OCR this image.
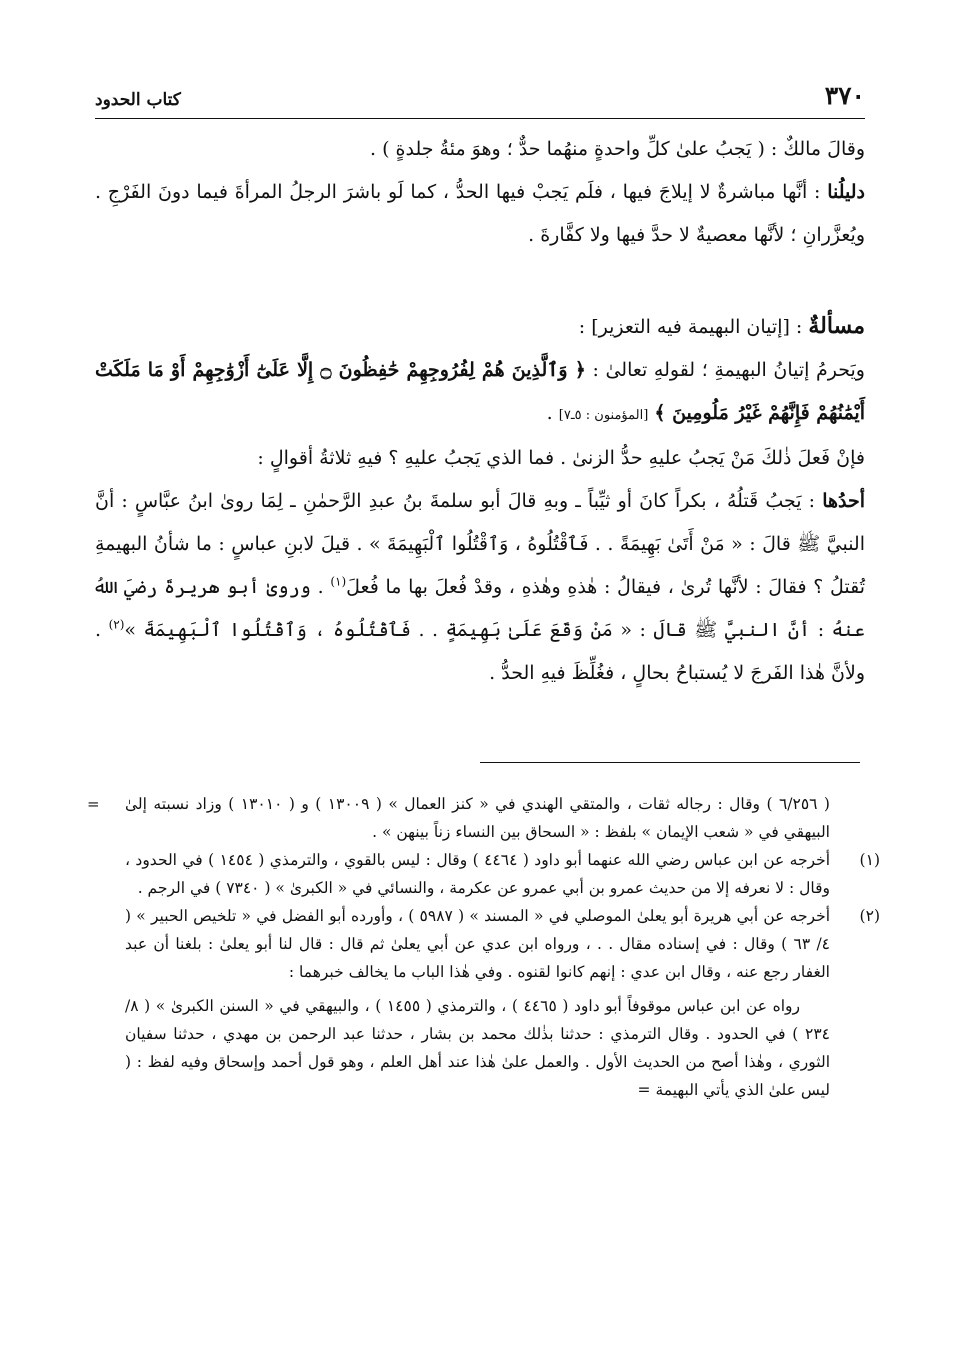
٣٧٠
كتاب الحدود

وقالَ مالكٌ : ( يَجبُ علىٰ كلِّ واحدةٍ منهُما حدٌّ ؛ وهوَ مئةُ جلدةٍ ) .

دليلُنا : أنَّها مباشرةٌ لا إيلاجَ فيها ، فلَم يَجبْ فيها الحدُّ ، كما لَو باشرَ الرجلُ المرأةَ فيما دونَ الفَرْجِ . ويُعزَّرانِ ؛ لأنَّها معصيةٌ لا حدَّ فيها ولا كفَّارةَ .

مسألةٌ : [إتيان البهيمة فيه التعزير] :

ويَحرمُ إتيانُ البهيمةِ ؛ لقولهِ تعالىٰ : ﴿ وَٱلَّذِينَ هُمْ لِفُرُوجِهِمْ حَٰفِظُونَ ۝ إِلَّا عَلَىٰٓ أَزْوَٰجِهِمْ أَوْ مَا مَلَكَتْ أَيْمَٰنُهُمْ فَإِنَّهُمْ غَيْرُ مَلُومِينَ ﴾ [المؤمنون : ٥ـ٧] .

فإنْ فَعلَ ذٰلكَ مَنْ يَجبُ عليهِ حدُّ الزنىٰ . فما الذي يَجبُ عليهِ ؟ فيهِ ثلاثةُ أقوالٍ :

أحدُها : يَجبُ قَتلُهُ ، بكراً كانَ أو ثيِّباً ـ وبهِ قالَ أبو سلمةَ بنُ عبدِ الرَّحمٰنِ ـ لِمَا روىٰ ابنُ عبَّاسٍ : أنَّ النبيَّ ﷺ قالَ : « مَنْ أَتَىٰ بَهِيمَةً . . فَٱقْتُلُوهُ ، وَٱقْتُلُوا ٱلْبَهِيمَةَ » . قيلَ لابنِ عباسٍ : ما شأنُ البهيمةِ تُقتلُ ؟ فقالَ : لأنَّها تُرىٰ ، فيقالُ : هٰذهِ وهٰذهِ ، وقدْ فُعلَ بها ما فُعلَ$^{(١)}$ . وروىٰ أبو هريرةَ رضيَ اللهُ عنهُ : أنَّ النبيَّ ﷺ قالَ : « مَنْ وَقَعَ عَلَىٰ بَهِيمَةٍ . . فَٱقْتُلُوهُ ، وَٱقْتُلُوا ٱلْبَهِيمَةَ »$^{(٢)}$ . ولأنَّ هٰذا الفَرجَ لا يُستباحُ بحالٍ ، فغُلِّظَ فيهِ الحدُّ .

( ٦/٢٥٦ ) وقال : رجاله ثقات ، والمتقي الهندي في « كنز العمال » ( ١٣٠٠٩ ) و ( ١٣٠١٠ ) وزاد نسبته إلىٰ البيهقي في « شعب الإيمان » بلفظ : « السحاق بين النساء زناً بينهن » .
=
(١)
أخرجه عن ابن عباس رضي الله عنهما أبو داود ( ٤٤٦٤ ) وقال : ليس بالقوي ، والترمذي ( ١٤٥٤ ) في الحدود ، وقال : لا نعرفه إلا من حديث عمرو بن أبي عمرو عن عكرمة ، والنسائي في « الكبرىٰ » ( ٧٣٤٠ ) في الرجم .
(٢)
أخرجه عن أبي هريرة أبو يعلىٰ الموصلي في « المسند » ( ٥٩٨٧ ) ، وأورده أبو الفضل في « تلخيص الحبير » ( ٤/ ٦٣ ) وقال : في إسناده مقال . . ، ورواه ابن عدي عن أبي يعلىٰ ثم قال : قال لنا أبو يعلىٰ : بلغنا أن عبد الغفار رجع عنه ، وقال ابن عدي : إنهم كانوا لقنوه . وفي هٰذا الباب ما يخالف خبرهما :
رواه عن ابن عباس موقوفاً أبو داود ( ٤٤٦٥ ) ، والترمذي ( ١٤٥٥ ) ، والبيهقي في « السنن الكبرىٰ » ( ٨/ ٢٣٤ ) في الحدود . وقال الترمذي : حدثنا بذٰلك محمد بن بشار ، حدثنا عبد الرحمن بن مهدي ، حدثنا سفيان الثوري ، وهٰذا أصح من الحديث الأول . والعمل علىٰ هٰذا عند أهل العلم ، وهو قول أحمد وإسحاق وفيه لفظ : ( ليس علىٰ الذي يأتي البهيمة =
